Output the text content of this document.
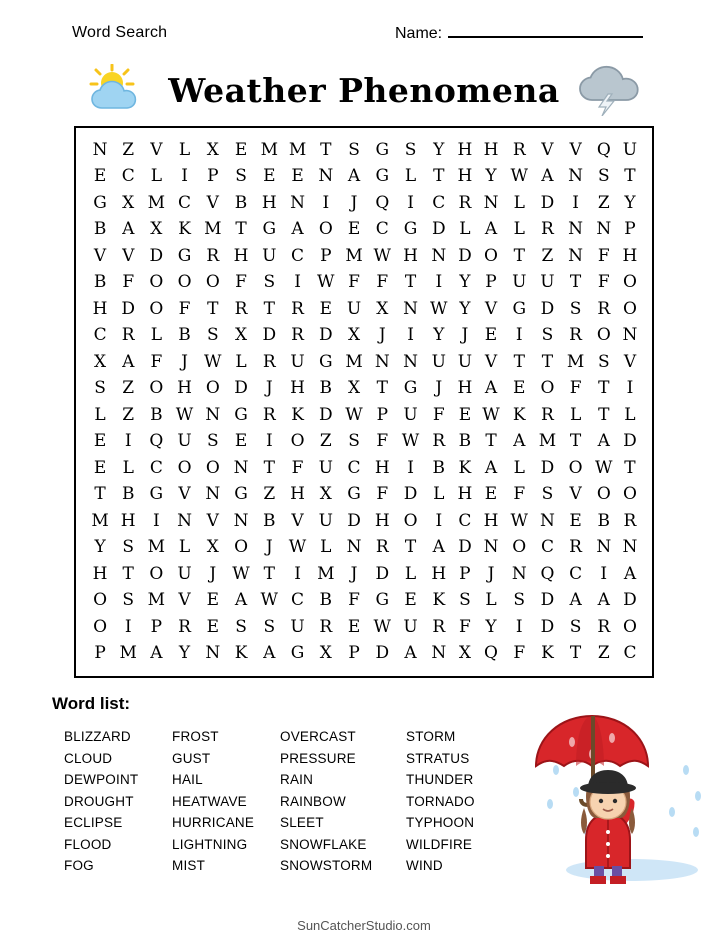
Word Search	Name:
Weather Phenomena
N	Z	V	L	X	E	M	M	T	S	G	S	Y	H	H	R	V	V	Q	U
E	C	L	I	P	S	E	E	N	A	G	L	T	H	Y	W	A	N	S	T
G	X	M	C	V	B	H	N	I	J	Q	I	C	R	N	L	D	I	Z	Y
B	A	X	K	M	T	G	A	O	E	C	G	D	L	A	L	R	N	N	P
V	V	D	G	R	H	U	C	P	M	W	H	N	D	O	T	Z	N	F	H
B	F	O	O	O	F	S	I	W	F	F	T	I	Y	P	U	U	T	F	O
H	D	O	F	T	R	T	R	E	U	X	N	W	Y	V	G	D	S	R	O
C	R	L	B	S	X	D	R	D	X	J	I	Y	J	E	I	S	R	O	N
X	A	F	J	W	L	R	U	G	M	N	N	U	U	V	T	T	M	S	V
S	Z	O	H	O	D	J	H	B	X	T	G	J	H	A	E	O	F	T	I
L	Z	B	W	N	G	R	K	D	W	P	U	F	E	W	K	R	L	T	L
E	I	Q	U	S	E	I	O	Z	S	F	W	R	B	T	A	M	T	A	D
E	L	C	O	O	N	T	F	U	C	H	I	B	K	A	L	D	O	W	T
T	B	G	V	N	G	Z	H	X	G	F	D	L	H	E	F	S	V	O	O
M	H	I	N	V	N	B	V	U	D	H	O	I	C	H	W	N	E	B	R
Y	S	M	L	X	O	J	W	L	N	R	T	A	D	N	O	C	R	N	N
H	T	O	U	J	W	T	I	M	J	D	L	H	P	J	N	Q	C	I	A
O	S	M	V	E	A	W	C	B	F	G	E	K	S	L	S	D	A	A	D
O	I	P	R	E	S	S	U	R	E	W	U	R	F	Y	I	D	S	R	O
P	M	A	Y	N	K	A	G	X	P	D	A	N	X	Q	F	K	T	Z	C
Word list:
BLIZZARD
CLOUD
DEWPOINT
DROUGHT
ECLIPSE
FLOOD
FOG
FROST
GUST
HAIL
HEATWAVE
HURRICANE
LIGHTNING
MIST
OVERCAST
PRESSURE
RAIN
RAINBOW
SLEET
SNOWFLAKE
SNOWSTORM
STORM
STRATUS
THUNDER
TORNADO
TYPHOON
WILDFIRE
WIND
SunCatcherStudio.com
